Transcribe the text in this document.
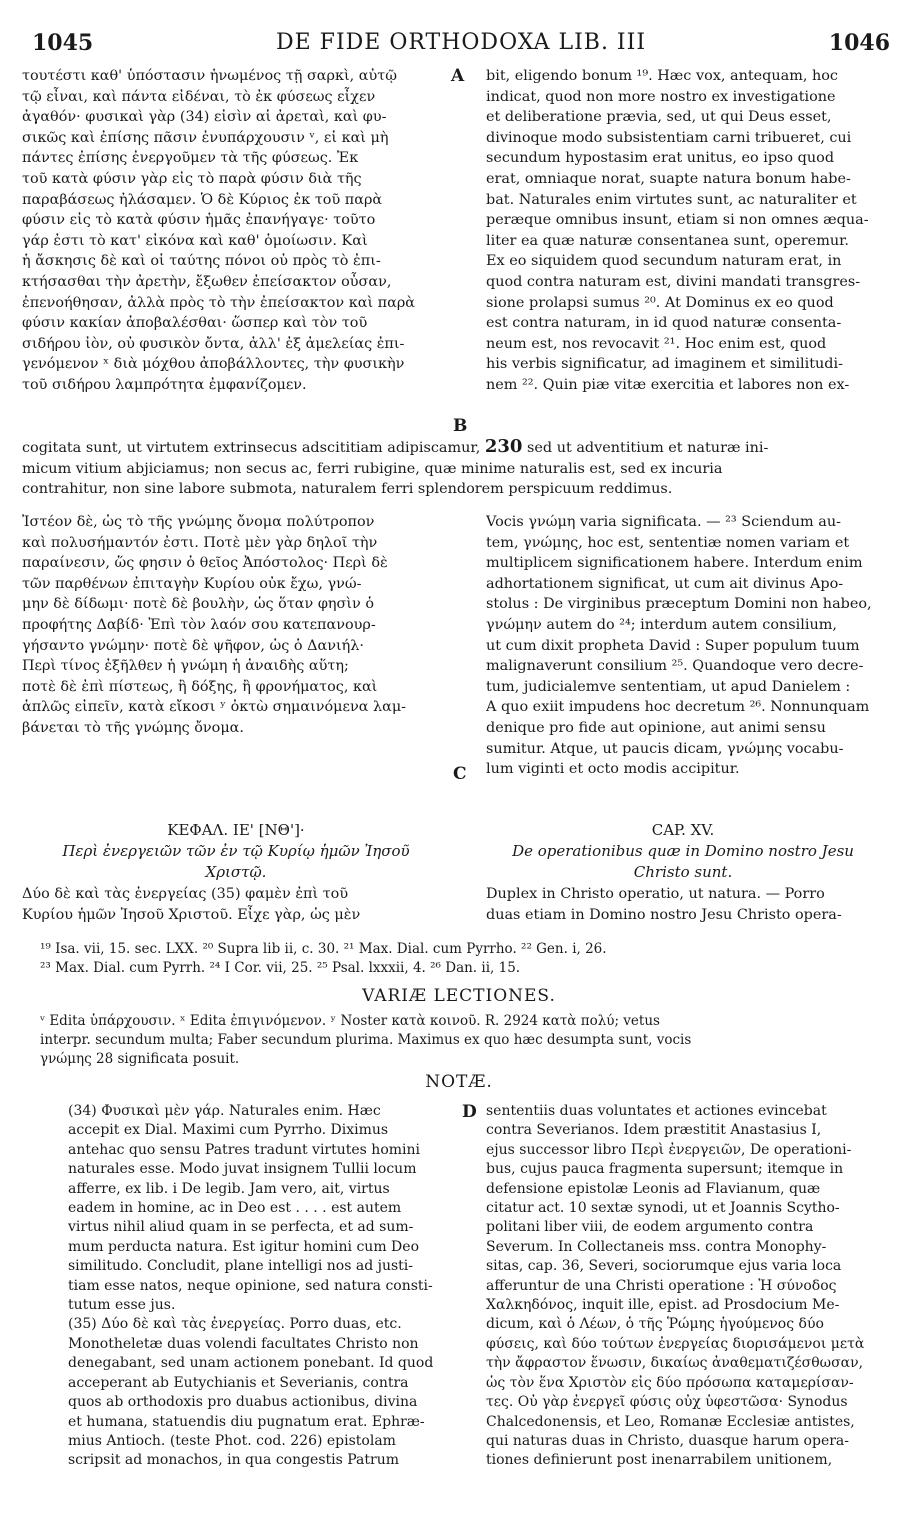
1045	DE FIDE ORTHODOXA LIB. III	1046
τουτέστι καθ' ὑπόστασιν ἡνωμένος τῇ σαρκὶ, αὐτῷ
τῷ εἶναι, καὶ πάντα εἰδέναι, τὸ ἐκ φύσεως εἶχεν
ἀγαθόν· φυσικαὶ γὰρ (34) εἰσὶν αἱ ἀρεταὶ, καὶ φυ-
σικῶς καὶ ἐπίσης πᾶσιν ἐνυπάρχουσιν ᵛ, εἰ καὶ μὴ
πάντες ἐπίσης ἐνεργοῦμεν τὰ τῆς φύσεως. Ἐκ
τοῦ κατὰ φύσιν γὰρ εἰς τὸ παρὰ φύσιν διὰ τῆς
παραβάσεως ἠλάσαμεν. Ὁ δὲ Κύριος ἐκ τοῦ παρὰ
φύσιν εἰς τὸ κατὰ φύσιν ἡμᾶς ἐπανήγαγε· τοῦτο
γάρ ἐστι τὸ κατ' εἰκόνα καὶ καθ' ὁμοίωσιν. Καὶ
ἡ ἄσκησις δὲ καὶ οἱ ταύτης πόνοι οὐ πρὸς τὸ ἐπι-
κτήσασθαι τὴν ἀρετὴν, ἔξωθεν ἐπείσακτον οὖσαν,
ἐπενοήθησαν, ἀλλὰ πρὸς τὸ τὴν ἐπείσακτον καὶ παρὰ
φύσιν κακίαν ἀποβαλέσθαι· ὥσπερ καὶ τὸν τοῦ
σιδήρου ἰὸν, οὐ φυσικὸν ὄντα, ἀλλ' ἐξ ἀμελείας ἐπι-
γενόμενον ˣ διὰ μόχθου ἀποβάλλοντες, τὴν φυσικὴν
τοῦ σιδήρου λαμπρότητα ἐμφανίζομεν.
bit, eligendo bonum ¹⁹. Hæc vox, antequam, hoc
indicat, quod non more nostro ex investigatione
et deliberatione prævia, sed, ut qui Deus esset,
divinoque modo subsistentiam carni tribueret, cui
secundum hypostasim erat unitus, eo ipso quod
erat, omniaque norat, suapte natura bonum habe-
bat. Naturales enim virtutes sunt, ac naturaliter et
peræque omnibus insunt, etiam si non omnes æqua-
liter ea quæ naturæ consentanea sunt, operemur.
Ex eo siquidem quod secundum naturam erat, in
quod contra naturam est, divini mandati transgres-
sione prolapsi sumus ²⁰. At Dominus ex eo quod
est contra naturam, in id quod naturæ consenta-
neum est, nos revocavit ²¹. Hoc enim est, quod
his verbis significatur, ad imaginem et similitudi-
nem ²². Quin piæ vitæ exercitia et labores non ex-
A
B
cogitata sunt, ut virtutem extrinsecus adscititiam adipiscamur, 230 sed ut adventitium et naturæ ini-
micum vitium abjiciamus; non secus ac, ferri rubigine, quæ minime naturalis est, sed ex incuria
contrahitur, non sine labore submota, naturalem ferri splendorem perspicuum reddimus.
Ἰστέον δὲ, ὡς τὸ τῆς γνώμης ὄνομα πολύτροπον
καὶ πολυσήμαντόν ἐστι. Ποτὲ μὲν γὰρ δηλοῖ τὴν
παραίνεσιν, ὥς φησιν ὁ θεῖος Ἀπόστολος· Περὶ δὲ
τῶν παρθένων ἐπιταγὴν Κυρίου οὐκ ἔχω, γνώ-
μην δὲ δίδωμι· ποτὲ δὲ βουλὴν, ὡς ὅταν φησὶν ὁ
προφήτης Δαβίδ· Ἐπὶ τὸν λαόν σου κατεπανουρ-
γήσαντο γνώμην· ποτὲ δὲ ψῆφον, ὡς ὁ Δανιήλ·
Περὶ τίνος ἐξῆλθεν ἡ γνώμη ἡ ἀναιδὴς αὕτη;
ποτὲ δὲ ἐπὶ πίστεως, ἢ δόξης, ἢ φρονήματος, καὶ
ἁπλῶς εἰπεῖν, κατὰ εἴκοσι ʸ ὀκτὼ σημαινόμενα λαμ-
βάνεται τὸ τῆς γνώμης ὄνομα.
Vocis γνώμη varia significata. — ²³ Sciendum au-
tem, γνώμης, hoc est, sententiæ nomen variam et
multiplicem significationem habere. Interdum enim
adhortationem significat, ut cum ait divinus Apo-
stolus : De virginibus præceptum Domini non habeo,
γνώμην autem do ²⁴; interdum autem consilium,
ut cum dixit propheta David : Super populum tuum
malignaverunt consilium ²⁵. Quandoque vero decre-
tum, judicialemve sententiam, ut apud Danielem :
A quo exiit impudens hoc decretum ²⁶. Nonnunquam
denique pro fide aut opinione, aut animi sensu
sumitur. Atque, ut paucis dicam, γνώμης vocabu-
lum viginti et octo modis accipitur.
C
ΚΕΦΑΛ. ΙΕ' [ΝΘ']·
Περὶ ἐνεργειῶν τῶν ἐν τῷ Κυρίῳ ἡμῶν Ἰησοῦ Χριστῷ.
CAP. XV.
De operationibus quæ in Domino nostro Jesu Christo sunt.
Δύο δὲ καὶ τὰς ἐνεργείας (35) φαμὲν ἐπὶ τοῦ
Κυρίου ἡμῶν Ἰησοῦ Χριστοῦ. Εἶχε γὰρ, ὡς μὲν
Duplex in Christo operatio, ut natura. — Porro
duas etiam in Domino nostro Jesu Christo opera-
¹⁹ Isa. vii, 15. sec. LXX. ²⁰ Supra lib ii, c. 30. ²¹ Max. Dial. cum Pyrrho. ²² Gen. i, 26.
²³ Max. Dial. cum Pyrrh. ²⁴ I Cor. vii, 25. ²⁵ Psal. lxxxii, 4. ²⁶ Dan. ii, 15.
VARIÆ LECTIONES.
ᵛ Edita ὑπάρχουσιν. ˣ Edita ἐπιγινόμενον. ʸ Noster κατὰ κοινοῦ. R. 2924 κατὰ πολύ; vetus
interpr. secundum multa; Faber secundum plurima. Maximus ex quo hæc desumpta sunt, vocis
γνώμης 28 significata posuit.
NOTÆ.
(34) Φυσικαὶ μὲν γάρ. Naturales enim. Hæc
accepit ex Dial. Maximi cum Pyrrho. Diximus
antehac quo sensu Patres tradunt virtutes homini
naturales esse. Modo juvat insignem Tullii locum
afferre, ex lib. i De legib. Jam vero, ait, virtus
eadem in homine, ac in Deo est . . . . est autem
virtus nihil aliud quam in se perfecta, et ad sum-
mum perducta natura. Est igitur homini cum Deo
similitudo. Concludit, plane intelligi nos ad justi-
tiam esse natos, neque opinione, sed natura consti-
tutum esse jus.
(35) Δύο δὲ καὶ τὰς ἐνεργείας. Porro duas, etc.
Monotheletæ duas volendi facultates Christo non
denegabant, sed unam actionem ponebant. Id quod
acceperant ab Eutychianis et Severianis, contra
quos ab orthodoxis pro duabus actionibus, divina
et humana, statuendis diu pugnatum erat. Ephræ-
mius Antioch. (teste Phot. cod. 226) epistolam
scripsit ad monachos, in qua congestis Patrum
D sententiis duas voluntates et actiones evincebat
contra Severianos. Idem præstitit Anastasius I,
ejus successor libro Περὶ ἐνεργειῶν, De operationi-
bus, cujus pauca fragmenta supersunt; itemque in
defensione epistolæ Leonis ad Flavianum, quæ
citatur act. 10 sextæ synodi, ut et Joannis Scytho-
politani liber viii, de eodem argumento contra
Severum. In Collectaneis mss. contra Monophy-
sitas, cap. 36, Severi, sociorumque ejus varia loca
afferuntur de una Christi operatione : Ἡ σύνοδος
Χαλκηδόνος, inquit ille, epist. ad Prosdocium Me-
dicum, καὶ ὁ Λέων, ὁ τῆς Ῥώμης ἡγούμενος δύο
φύσεις, καὶ δύο τούτων ἐνεργείας διορισάμενοι μετὰ
τὴν ἄφραστον ἕνωσιν, δικαίως ἀναθεματιζέσθωσαν,
ὡς τὸν ἕνα Χριστὸν εἰς δύο πρόσωπα καταμερίσαν-
τες. Οὐ γὰρ ἐνεργεῖ φύσις οὐχ ὑφεστῶσα· Synodus
Chalcedonensis, et Leo, Romanæ Ecclesiæ antistes,
qui naturas duas in Christo, duasque harum opera-
tiones definierunt post inenarrabilem unitionem,
